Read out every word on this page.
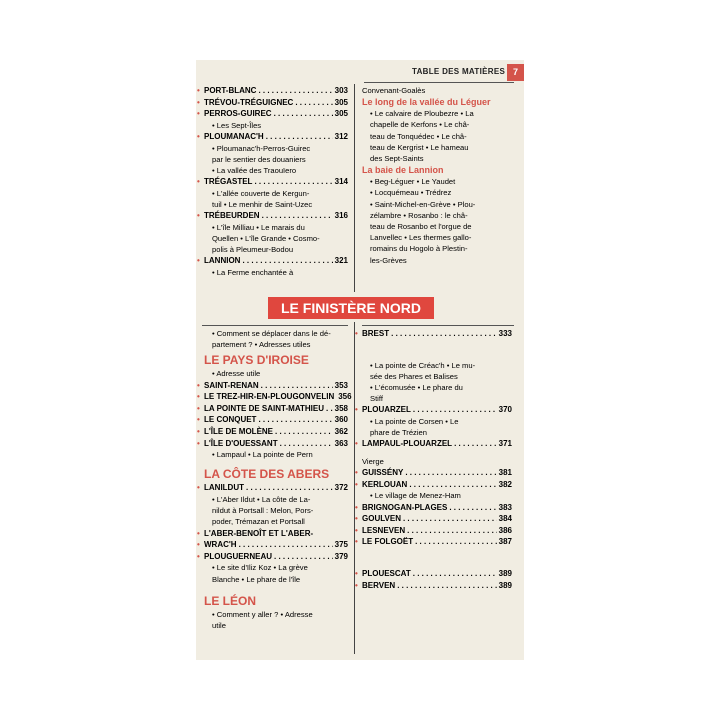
TABLE DES MATIÈRES 7
• PORT-BLANC . . .	303
• TRÉVOU-TRÉGUIGNEC . . .	305
• PERROS-GUIREC . . .	305
• Les Sept-Îles
• PLOUMANAC'H . . .	312
• Ploumanac'h-Perros-Guirec
par le sentier des douaniers
• La vallée des Traouïero
• TRÉGASTEL . . .	314
• L'allée couverte de Kergun-
tuil • Le menhir de Saint-Uzec
• TRÉBEURDEN . . .	316
• L'île Milliau • Le marais du
Quellen • L'île Grande • Cosmo-
polis à Pleumeur-Bodou
• LANNION . . .	321
• La Ferme enchantée à
Convenant-Goalès
Le long de la vallée du Léguer
• Le calvaire de Ploubezre • La
chapelle de Kerfons • Le châ-
teau de Tonquédec • Le châ-
teau de Kergrist • Le hameau
des Sept-Saints
La baie de Lannion
• Beg-Léguer • Le Yaudet
• Locquémeau • Trédrez
• Saint-Michel-en-Grève • Plou-
zélambre • Rosanbo : le châ-
teau de Rosanbo et l'orgue de
Lanvellec • Les thermes gallo-
romains du Hogolo à Plestin-
les-Grèves
LE FINISTÈRE NORD
• Comment se déplacer dans le dé-
partement ? • Adresses utiles
LE PAYS D'IROISE
• Adresse utile
• SAINT-RENAN . . .	353
• LE TREZ-HIR-EN-PLOUGONVELIN 356
• LA POINTE DE SAINT-MATHIEU . . . 358
• LE CONQUET . . .	360
• L'ÎLE DE MOLÈNE . . .	362
• L'ÎLE D'OUESSANT . . .	363
• Lampaul • La pointe de Pern
LA CÔTE DES ABERS
• LANILDUT . . .	372
• L'Aber Ildut • La côte de La-
nildut à Portsall : Melon, Pors-
poder, Trémazan et Portsall
• L'ABER-BENOÎT ET L'ABER-
• WRAC'H . . .	375
• PLOUGUERNEAU . . .	379
• Le site d'Iliz Koz • La grève
Blanche • Le phare de l'île
LE LÉON
• Comment y aller ? • Adresse
utile
• BREST . . .	333
• La pointe de Créac'h • Le mu-
sée des Phares et Balises
• L'écomusée • Le phare du
Stiff
• PLOUARZEL . . .	370
• La pointe de Corsen • Le
phare de Trézien
• LAMPAUL-PLOUARZEL . . .	371
Vierge
• GUISSÉNY . . .	381
• KERLOUAN . . .	382
• Le village de Menez-Ham
• BRIGNOGAN-PLAGES . . .	383
• GOULVEN . . .	384
• LESNEVEN . . .	386
• LE FOLGOËT . . .	387
• PLOUESCAT . . .	389
• BERVEN . . .	389
